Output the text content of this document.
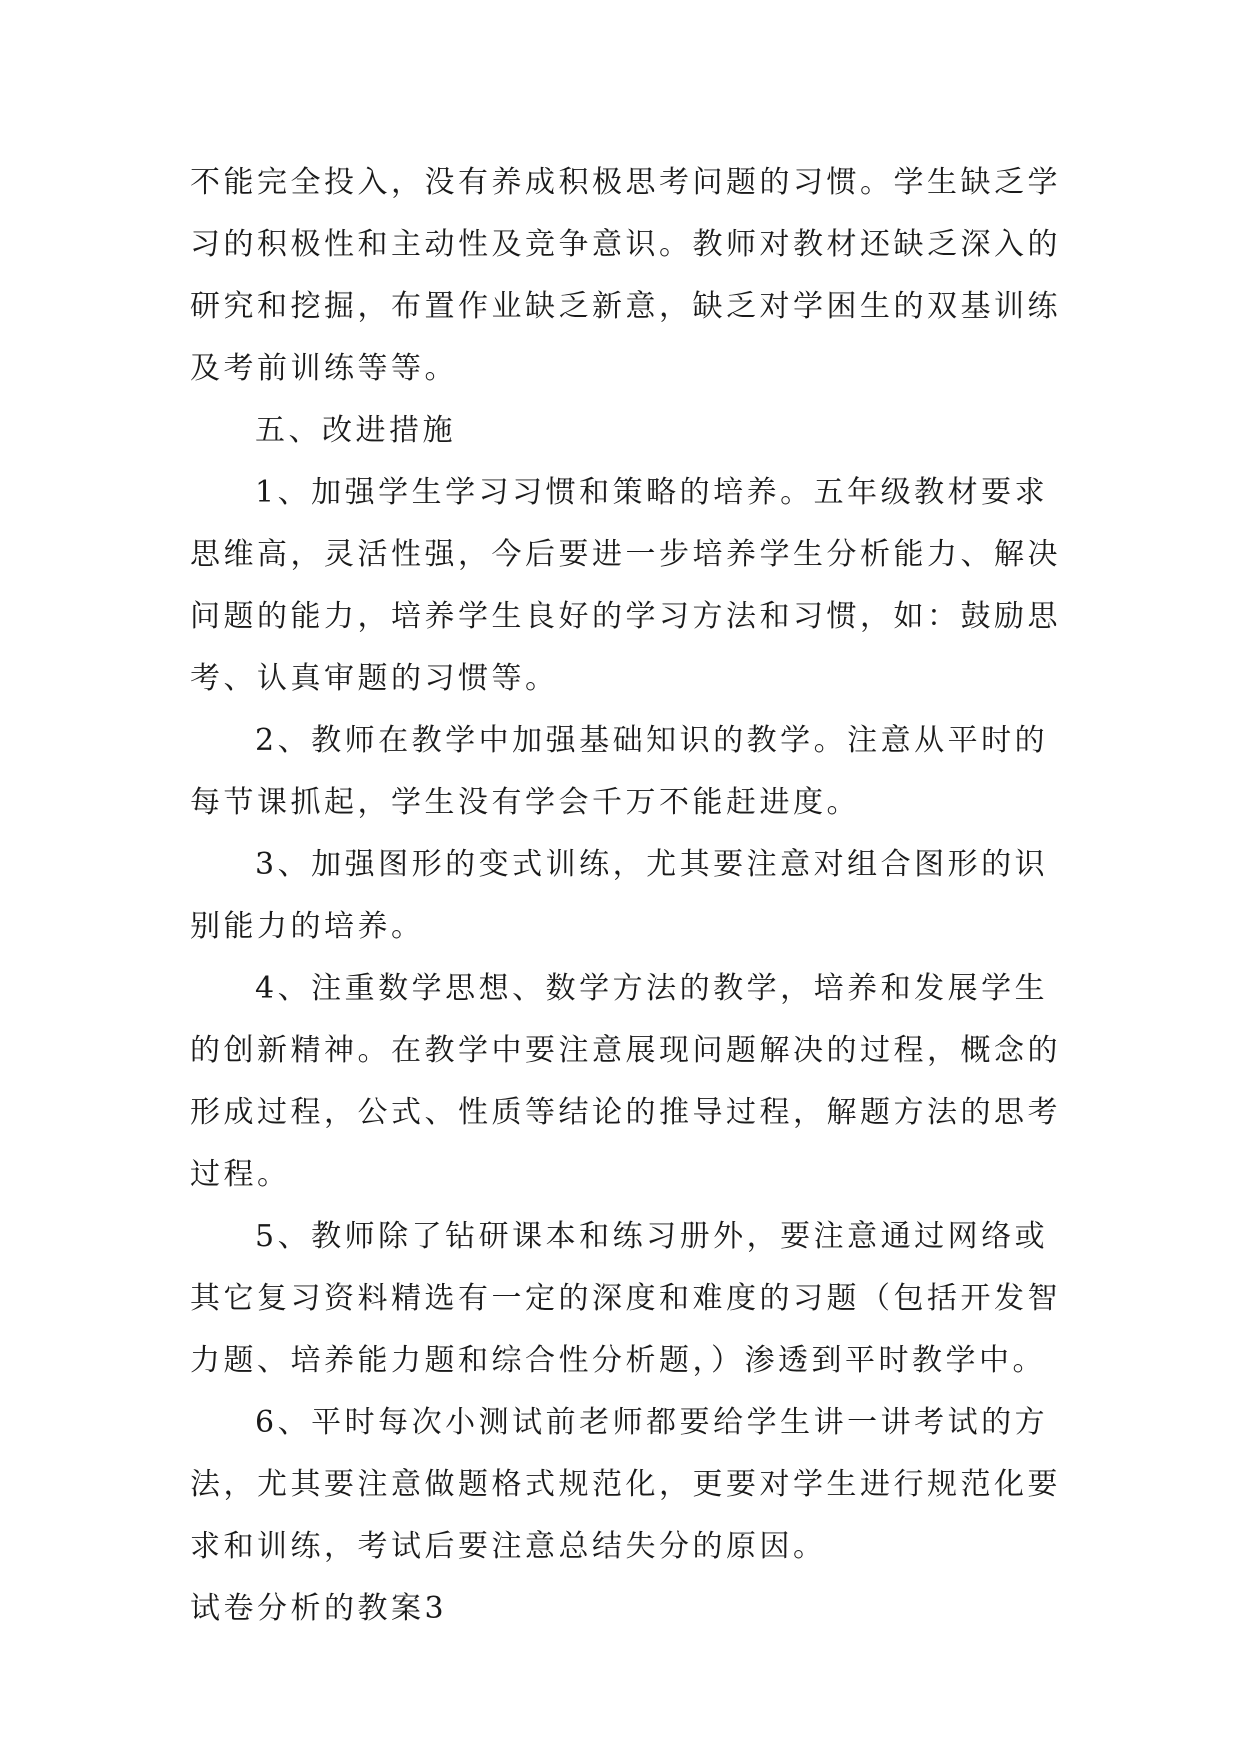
不能完全投入，没有养成积极思考问题的习惯。学生缺乏学
习的积极性和主动性及竞争意识。教师对教材还缺乏深入的
研究和挖掘，布置作业缺乏新意，缺乏对学困生的双基训练
及考前训练等等。
五、改进措施
1、加强学生学习习惯和策略的培养。五年级教材要求
思维高，灵活性强，今后要进一步培养学生分析能力、解决
问题的能力，培养学生良好的学习方法和习惯，如：鼓励思
考、认真审题的习惯等。
2、教师在教学中加强基础知识的教学。注意从平时的
每节课抓起，学生没有学会千万不能赶进度。
3、加强图形的变式训练，尤其要注意对组合图形的识
别能力的培养。
4、注重数学思想、数学方法的教学，培养和发展学生
的创新精神。在教学中要注意展现问题解决的过程，概念的
形成过程，公式、性质等结论的推导过程，解题方法的思考
过程。
5、教师除了钻研课本和练习册外，要注意通过网络或
其它复习资料精选有一定的深度和难度的习题（包括开发智
力题、培养能力题和综合性分析题，）渗透到平时教学中。
6、平时每次小测试前老师都要给学生讲一讲考试的方
法，尤其要注意做题格式规范化，更要对学生进行规范化要
求和训练，考试后要注意总结失分的原因。
试卷分析的教案3
